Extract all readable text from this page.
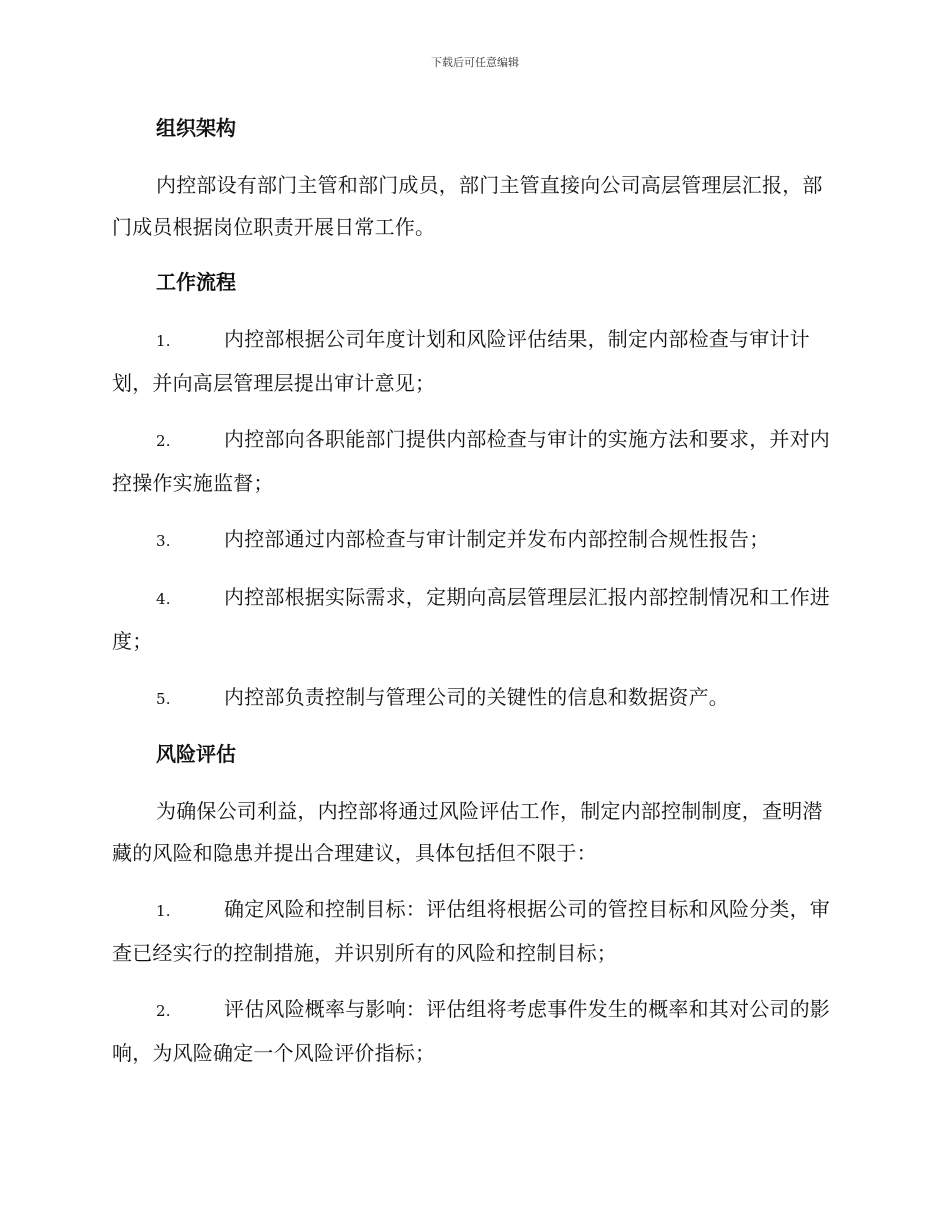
下载后可任意编辑
组织架构

内控部设有部门主管和部门成员，部门主管直接向公司高层管理层汇报，部门成员根据岗位职责开展日常工作。

工作流程
1.	内控部根据公司年度计划和风险评估结果，制定内部检查与审计计划，并向高层管理层提出审计意见；
2.	内控部向各职能部门提供内部检查与审计的实施方法和要求，并对内控操作实施监督；
3.	内控部通过内部检查与审计制定并发布内部控制合规性报告；
4.	内控部根据实际需求，定期向高层管理层汇报内部控制情况和工作进度；
5.	内控部负责控制与管理公司的关键性的信息和数据资产。
风险评估

为确保公司利益，内控部将通过风险评估工作，制定内部控制制度，查明潜藏的风险和隐患并提出合理建议，具体包括但不限于：

1.	确定风险和控制目标：评估组将根据公司的管控目标和风险分类，审查已经实行的控制措施，并识别所有的风险和控制目标；
2.	评估风险概率与影响：评估组将考虑事件发生的概率和其对公司的影响，为风险确定一个风险评价指标；
